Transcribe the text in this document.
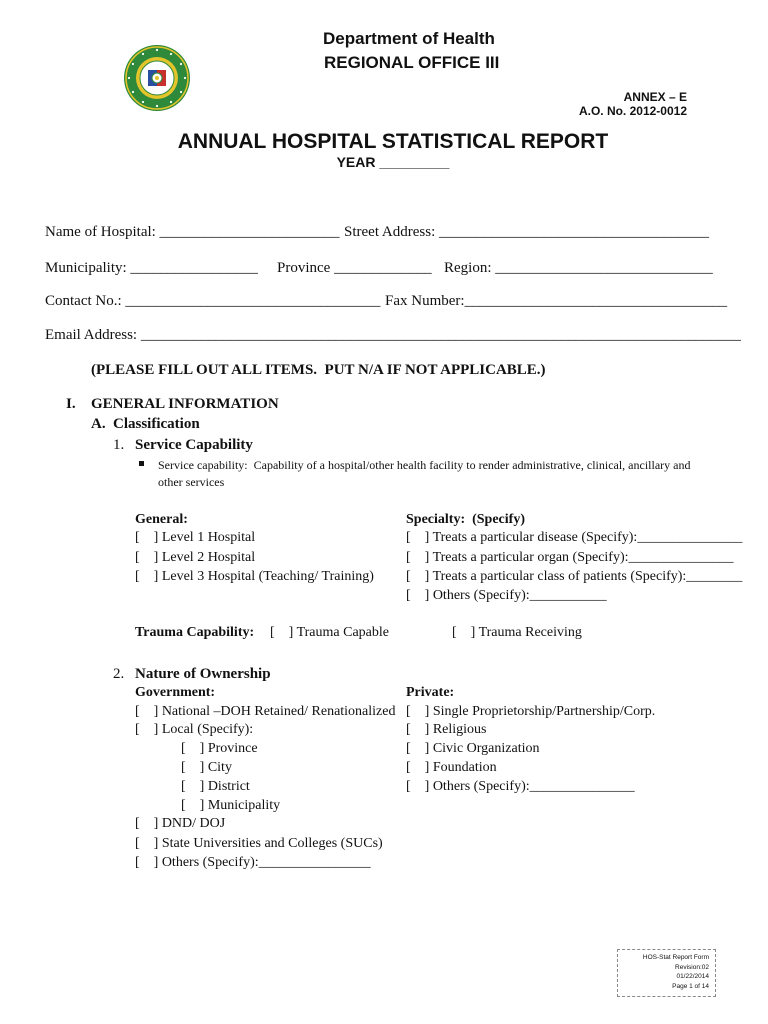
Department of Health
REGIONAL OFFICE III
ANNEX – E
A.O. No. 2012-0012
ANNUAL HOSPITAL STATISTICAL REPORT
YEAR _________
Name of Hospital: ________________________ Street Address: ____________________________________
Municipality: _________________ Province _____________ Region: _____________________________
Contact No.: __________________________________ Fax Number:___________________________________
Email Address: ________________________________________________________________________________
(PLEASE FILL OUT ALL ITEMS.  PUT N/A IF NOT APPLICABLE.)
I. GENERAL INFORMATION
A. Classification
1. Service Capability
Service capability:  Capability of a hospital/other health facility to render administrative, clinical, ancillary and
other services
General:
[    ] Level 1 Hospital
[    ] Level 2 Hospital
[    ] Level 3 Hospital (Teaching/ Training)
Specialty:  (Specify)
[    ] Treats a particular disease (Specify):_______________
[    ] Treats a particular organ (Specify):_______________
[    ] Treats a particular class of patients (Specify):________
[    ] Others (Specify):___________
Trauma Capability: [    ] Trauma Capable	[    ] Trauma Receiving
2. Nature of Ownership
Government:
[    ] National –DOH Retained/ Renationalized
[    ] Local (Specify):
[    ] Province
[    ] City
[    ] District
[    ] Municipality
[    ] DND/ DOJ
[    ] State Universities and Colleges (SUCs)
[    ] Others (Specify):________________
Private:
[    ] Single Proprietorship/Partnership/Corp.
[    ] Religious
[    ] Civic Organization
[    ] Foundation
[    ] Others (Specify):_______________
HOS-Stat Report Form
Revision:02
01/22/2014
Page 1 of 14
